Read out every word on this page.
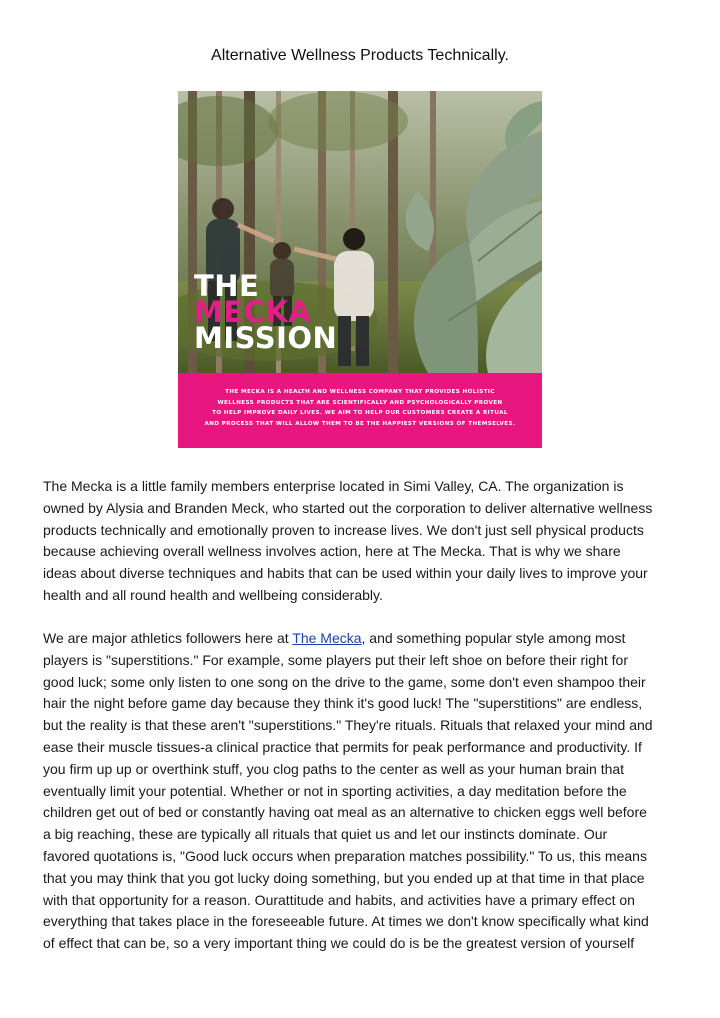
Alternative Wellness Products Technically.
THE
MECKA
MISSION
THE MECKA IS A HEALTH AND WELLNESS COMPANY THAT PROVIDES HOLISTIC
WELLNESS PRODUCTS THAT ARE SCIENTIFICALLY AND PSYCHOLOGICALLY PROVEN
TO HELP IMPROVE DAILY LIVES. WE AIM TO HELP OUR CUSTOMERS CREATE A RITUAL
AND PROCESS THAT WILL ALLOW THEM TO BE THE HAPPIEST VERSIONS OF THEMSELVES.
The Mecka is a little family members enterprise located in Simi Valley, CA. The organization is
owned by Alysia and Branden Meck, who started out the corporation to deliver alternative wellness
products technically and emotionally proven to increase lives. We don't just sell physical products
because achieving overall wellness involves action, here at The Mecka. That is why we share
ideas about diverse techniques and habits that can be used within your daily lives to improve your
health and all round health and wellbeing considerably.
We are major athletics followers here at The Mecka, and something popular style among most
players is "superstitions." For example, some players put their left shoe on before their right for
good luck; some only listen to one song on the drive to the game, some don't even shampoo their
hair the night before game day because they think it's good luck! The "superstitions" are endless,
but the reality is that these aren't "superstitions." They're rituals. Rituals that relaxed your mind and
ease their muscle tissues-a clinical practice that permits for peak performance and productivity. If
you firm up up or overthink stuff, you clog paths to the center as well as your human brain that
eventually limit your potential. Whether or not in sporting activities, a day meditation before the
children get out of bed or constantly having oat meal as an alternative to chicken eggs well before
a big reaching, these are typically all rituals that quiet us and let our instincts dominate. Our
favored quotations is, "Good luck occurs when preparation matches possibility." To us, this means
that you may think that you got lucky doing something, but you ended up at that time in that place
with that opportunity for a reason. Ourattitude and habits, and activities have a primary effect on
everything that takes place in the foreseeable future. At times we don't know specifically what kind
of effect that can be, so a very important thing we could do is be the greatest version of yourself
